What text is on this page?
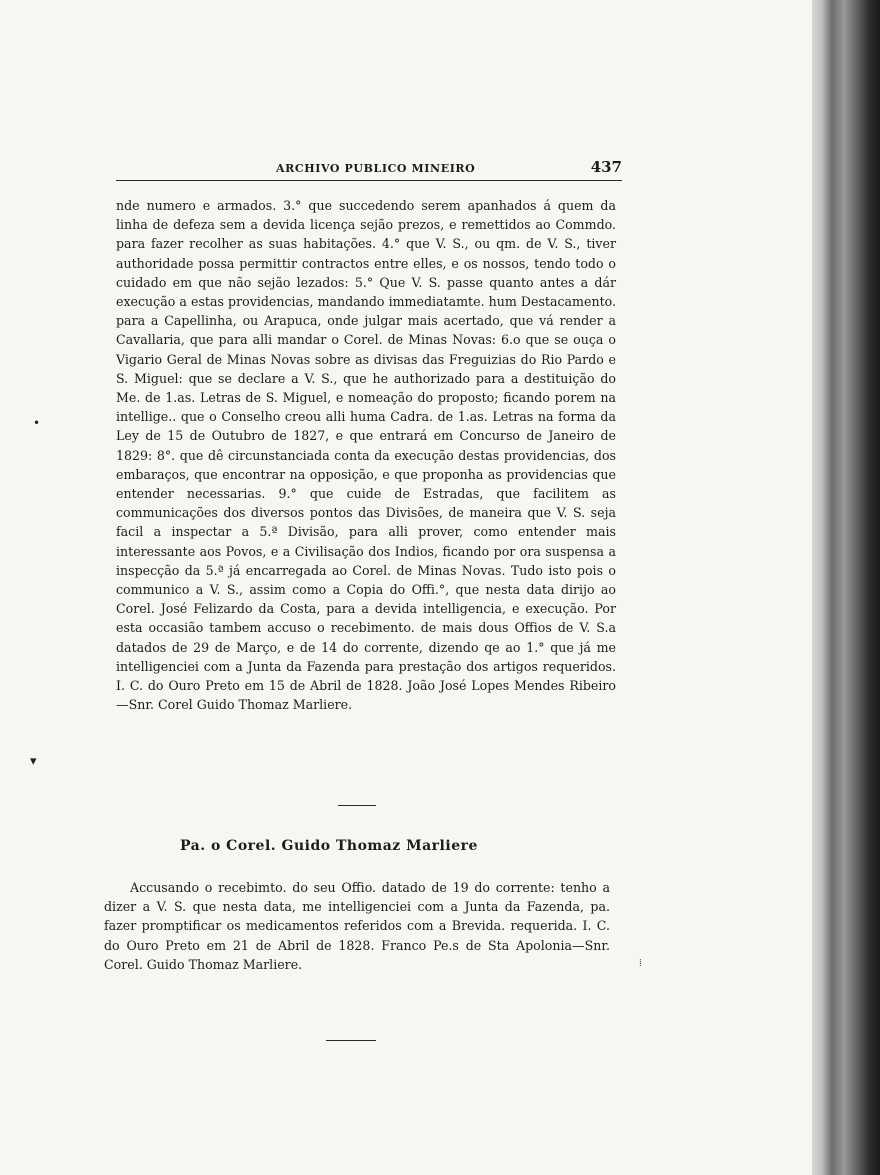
ARCHIVO PUBLICO MINEIRO	437

nde numero e armados. 3.° que succedendo serem apanhados á quem da linha de defeza sem a devida licença sejão prezos, e remettidos ao Commdo. para fazer recolher as suas habitações. 4.° que V. S., ou qm. de V. S., tiver authoridade possa permittir contractos entre elles, e os nossos, tendo todo o cuidado em que não sejão lezados: 5.° Que V. S. passe quanto antes a dár execução a estas providencias, mandando immediatamte. hum Destacamento. para a Capellinha, ou Arapuca, onde julgar mais acertado, que vá render a Cavallaria, que para alli mandar o Corel. de Minas Novas: 6.o que se ouça o Vigario Geral de Minas Novas sobre as divisas das Freguizias do Rio Pardo e S. Miguel: que se declare a V. S., que he authorizado para a destituição do Me. de 1.as. Letras de S. Miguel, e nomeação do proposto; ficando porem na intellige.. que o Conselho creou alli huma Cadra. de 1.as. Letras na forma da Ley de 15 de Outubro de 1827, e que entrará em Concurso de Janeiro de 1829: 8°. que dê circunstanciada conta da execução destas providencias, dos embaraços, que encontrar na opposição, e que proponha as providencias que entender necessarias. 9.° que cuide de Estradas, que facilitem as communicações dos diversos pontos das Divisões, de maneira que V. S. seja facil a inspectar a 5.ª Divisão, para alli prover, como entender mais interessante aos Povos, e a Civilisação dos Indios, ficando por ora suspensa a inspecção da 5.ª já encarregada ao Corel. de Minas Novas. Tudo isto pois o communico a V. S., assim como a Copia do Offi.°, que nesta data dirijo ao Corel. José Felizardo da Costa, para a devida intelligencia, e execução. Por esta occasião tambem accuso o recebimento. de mais dous Offios de V. S.a datados de 29 de Março, e de 14 do corrente, dizendo qe ao 1.° que já me intelligenciei com a Junta da Fazenda para prestação dos artigos requeridos. I. C. do Ouro Preto em 15 de Abril de 1828. João José Lopes Mendes Ribeiro—Snr. Corel Guido Thomaz Marliere.

Pa. o Corel. Guido Thomaz Marliere

Accusando o recebimto. do seu Offio. datado de 19 do corrente: tenho a dizer a V. S. que nesta data, me intelligenciei com a Junta da Fazenda, pa. fazer promptificar os medicamentos referidos com a Brevida. requerida. I. C. do Ouro Preto em 21 de Abril de 1828. Franco Pe.s de Sta Apolonia—Snr. Corel. Guido Thomaz Marliere.

•
▾
⁞
